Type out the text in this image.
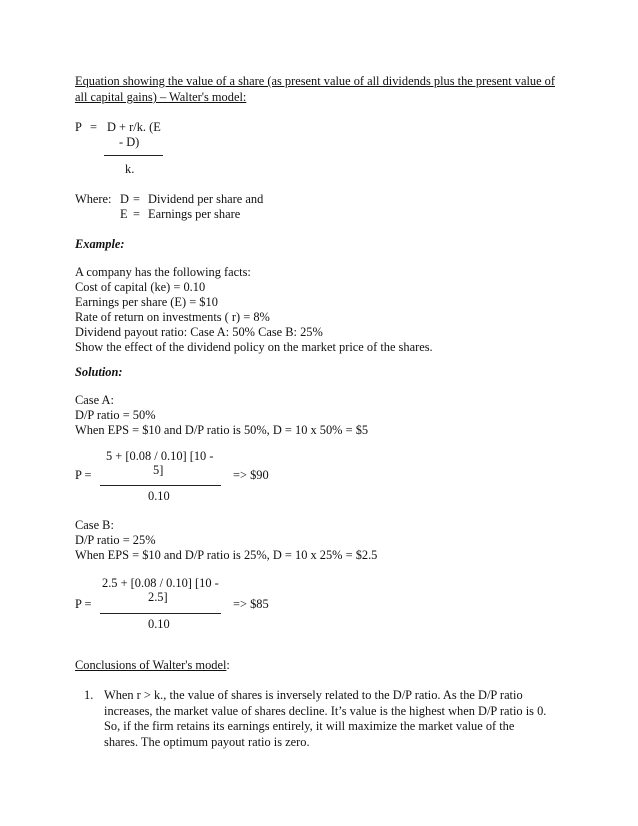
Equation showing the value of a share (as present value of all dividends plus the present value of
all capital gains) – Walter's model:
P = D + r/k. (E
- D)
k.
Where: D = Dividend per share and
E = Earnings per share
Example:
A company has the following facts:
Cost of capital (ke) = 0.10
Earnings per share (E) = $10
Rate of return on investments ( r) = 8%
Dividend payout ratio: Case A: 50% Case B: 25%
Show the effect of the dividend policy on the market price of the shares.
Solution:
Case A:
D/P ratio = 50%
When EPS = $10 and D/P ratio is 50%, D = 10 x 50% = $5
5 + [0.08 / 0.10] [10 -
P =	5]	=> $90
0.10
Case B:
D/P ratio = 25%
When EPS = $10 and D/P ratio is 25%, D = 10 x 25% = $2.5
2.5 + [0.08 / 0.10] [10 -
P =	2.5]	=> $85
0.10
Conclusions of Walter's model:
1. When r > k., the value of shares is inversely related to the D/P ratio. As the D/P ratio
increases, the market value of shares decline. It’s value is the highest when D/P ratio is 0.
So, if the firm retains its earnings entirely, it will maximize the market value of the
shares. The optimum payout ratio is zero.
